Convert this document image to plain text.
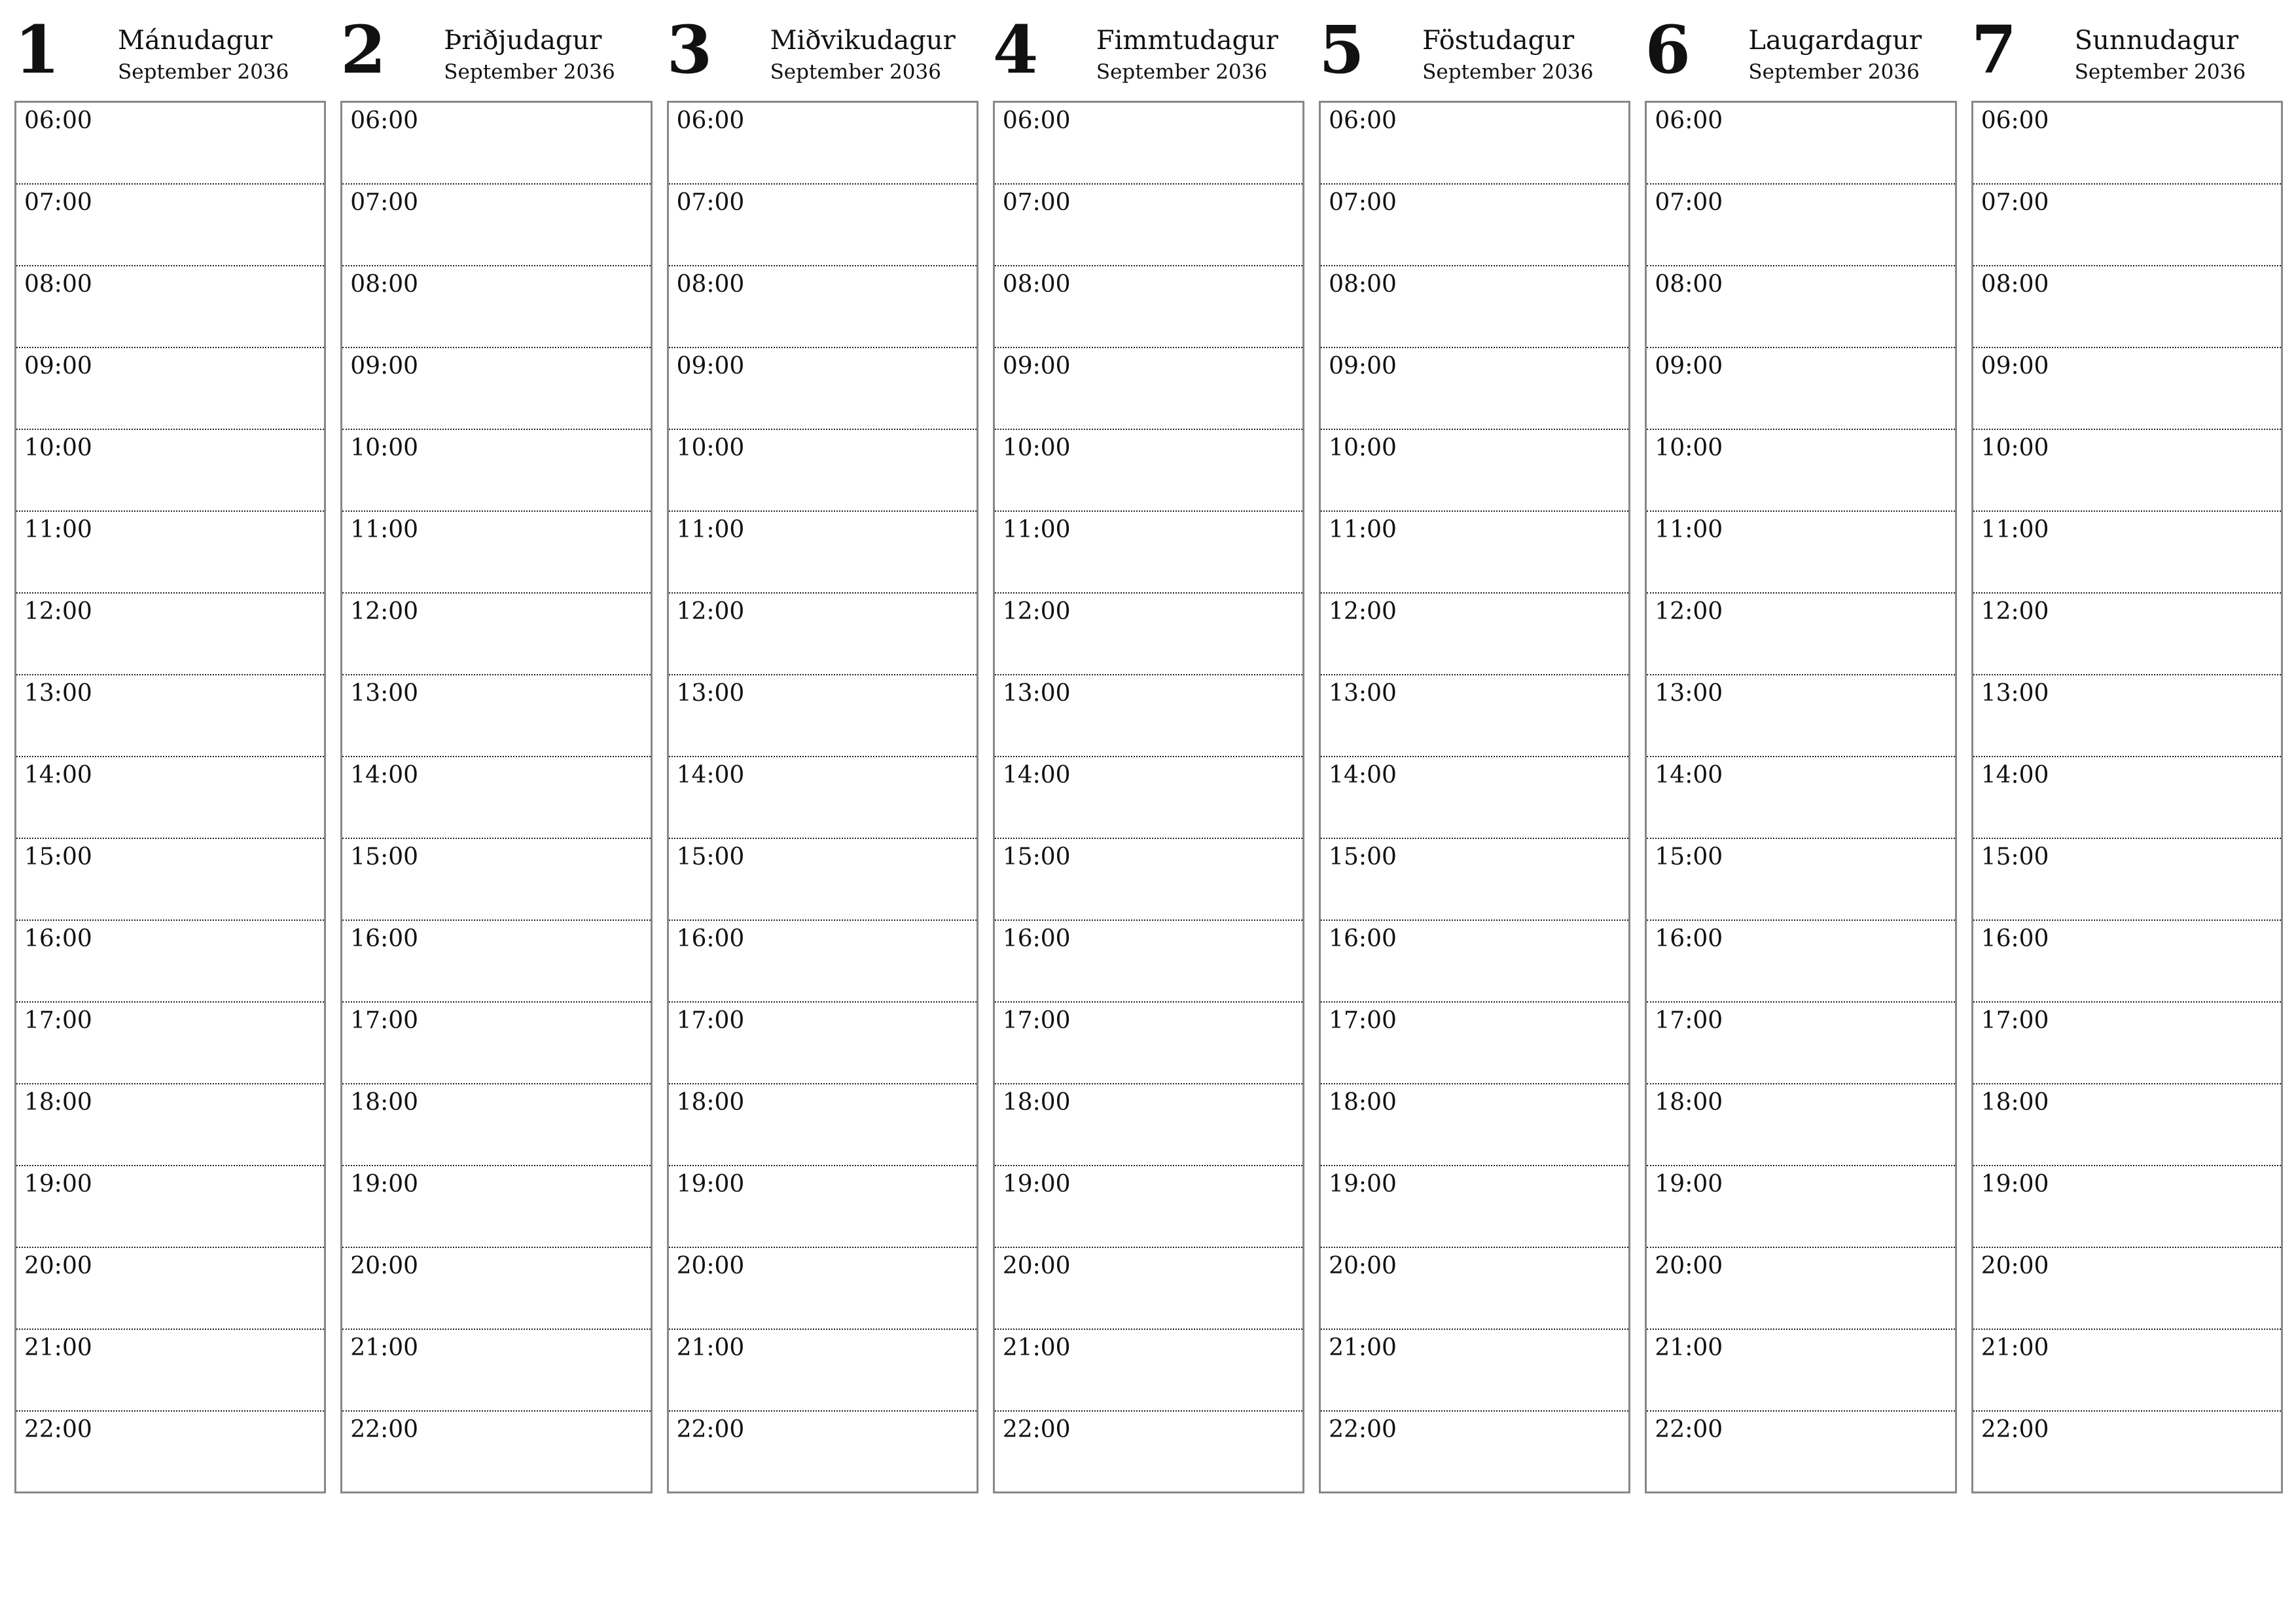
1 Mánudagur
September 2036
06:00
07:00
08:00
09:00
10:00
11:00
12:00
13:00
14:00
15:00
16:00
17:00
18:00
19:00
20:00
21:00
22:00
2 Þriðjudagur
September 2036
06:00
07:00
08:00
09:00
10:00
11:00
12:00
13:00
14:00
15:00
16:00
17:00
18:00
19:00
20:00
21:00
22:00
3 Miðvikudagur
September 2036
06:00
07:00
08:00
09:00
10:00
11:00
12:00
13:00
14:00
15:00
16:00
17:00
18:00
19:00
20:00
21:00
22:00
4 Fimmtudagur
September 2036
06:00
07:00
08:00
09:00
10:00
11:00
12:00
13:00
14:00
15:00
16:00
17:00
18:00
19:00
20:00
21:00
22:00
5 Föstudagur
September 2036
06:00
07:00
08:00
09:00
10:00
11:00
12:00
13:00
14:00
15:00
16:00
17:00
18:00
19:00
20:00
21:00
22:00
6 Laugardagur
September 2036
06:00
07:00
08:00
09:00
10:00
11:00
12:00
13:00
14:00
15:00
16:00
17:00
18:00
19:00
20:00
21:00
22:00
7 Sunnudagur
September 2036
06:00
07:00
08:00
09:00
10:00
11:00
12:00
13:00
14:00
15:00
16:00
17:00
18:00
19:00
20:00
21:00
22:00
